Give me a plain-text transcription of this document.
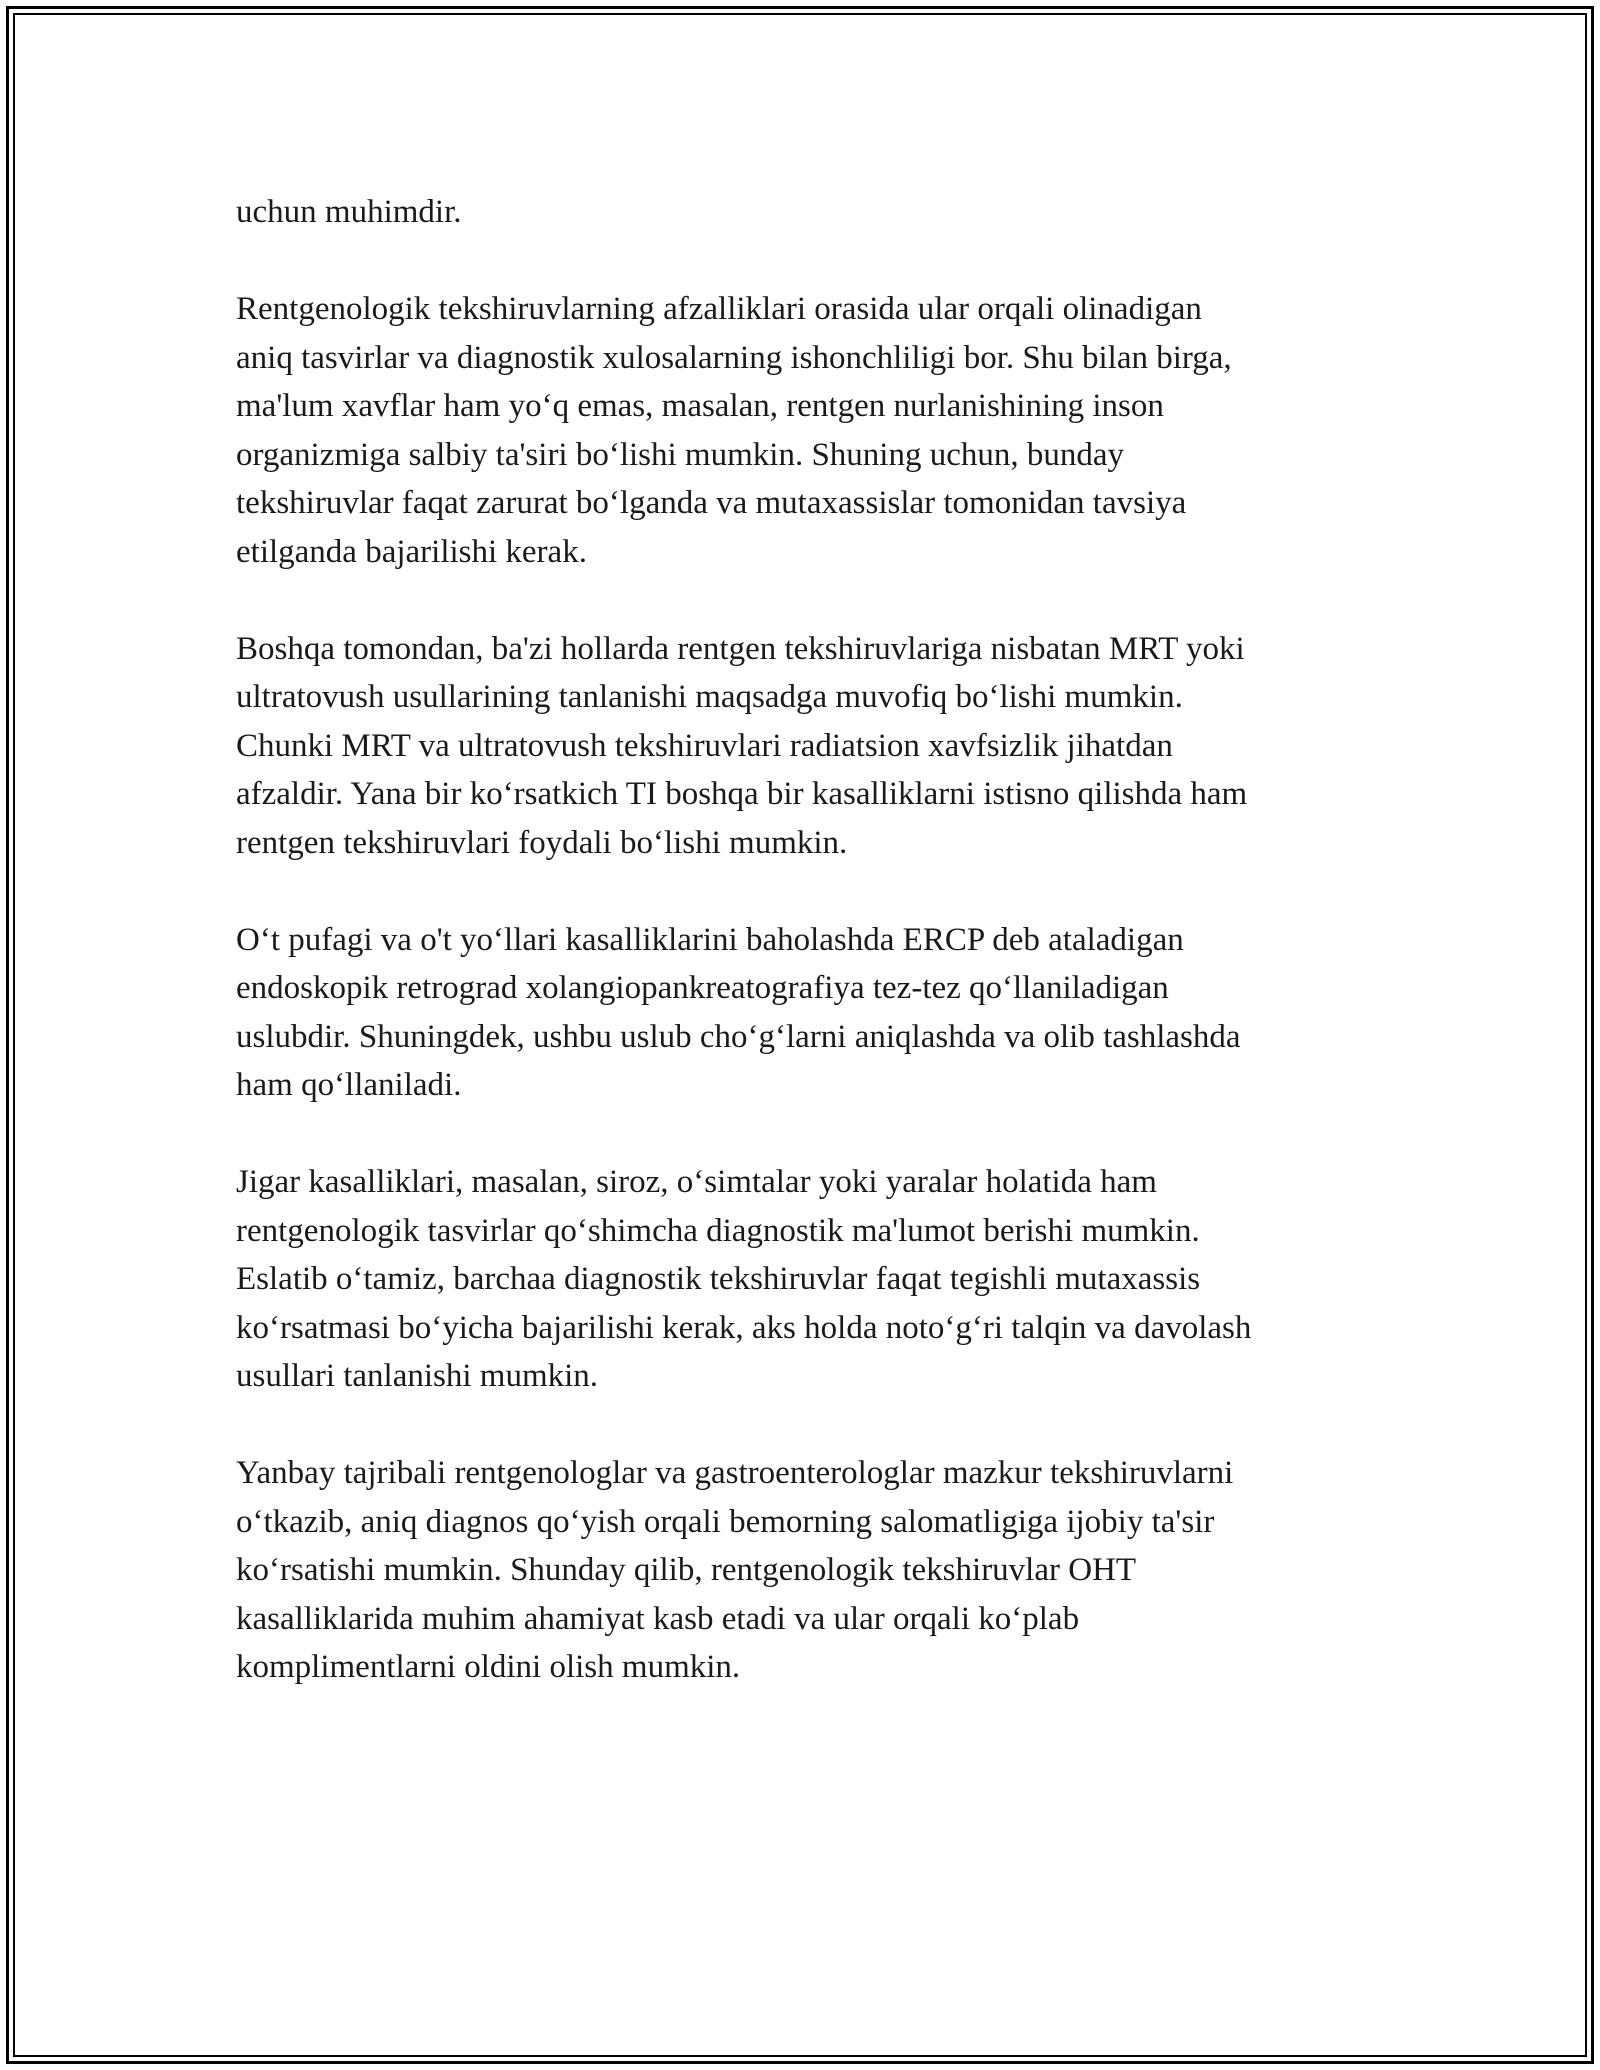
uchun muhimdir.

Rentgenologik tekshiruvlarning afzalliklari orasida ular orqali olinadigan
aniq tasvirlar va diagnostik xulosalarning ishonchliligi bor. Shu bilan birga,
ma'lum xavflar ham yo‘q emas, masalan, rentgen nurlanishining inson
organizmiga salbiy ta'siri bo‘lishi mumkin. Shuning uchun, bunday
tekshiruvlar faqat zarurat bo‘lganda va mutaxassislar tomonidan tavsiya
etilganda bajarilishi kerak.

Boshqa tomondan, ba'zi hollarda rentgen tekshiruvlariga nisbatan MRT yoki
ultratovush usullarining tanlanishi maqsadga muvofiq bo‘lishi mumkin.
Chunki MRT va ultratovush tekshiruvlari radiatsion xavfsizlik jihatdan
afzaldir. Yana bir ko‘rsatkich TI boshqa bir kasalliklarni istisno qilishda ham
rentgen tekshiruvlari foydali bo‘lishi mumkin.

O‘t pufagi va o't yo‘llari kasalliklarini baholashda ERCP deb ataladigan
endoskopik retrograd xolangiopankreatografiya tez-tez qo‘llaniladigan
uslubdir. Shuningdek, ushbu uslub cho‘g‘larni aniqlashda va olib tashlashda
ham qo‘llaniladi.

Jigar kasalliklari, masalan, siroz, o‘simtalar yoki yaralar holatida ham
rentgenologik tasvirlar qo‘shimcha diagnostik ma'lumot berishi mumkin.
Eslatib o‘tamiz, barchaa diagnostik tekshiruvlar faqat tegishli mutaxassis
ko‘rsatmasi bo‘yicha bajarilishi kerak, aks holda noto‘g‘ri talqin va davolash
usullari tanlanishi mumkin.

Yanbay tajribali rentgenologlar va gastroenterologlar mazkur tekshiruvlarni
o‘tkazib, aniq diagnos qo‘yish orqali bemorning salomatligiga ijobiy ta'sir
ko‘rsatishi mumkin. Shunday qilib, rentgenologik tekshiruvlar OHT
kasalliklarida muhim ahamiyat kasb etadi va ular orqali ko‘plab
komplimentlarni oldini olish mumkin.
